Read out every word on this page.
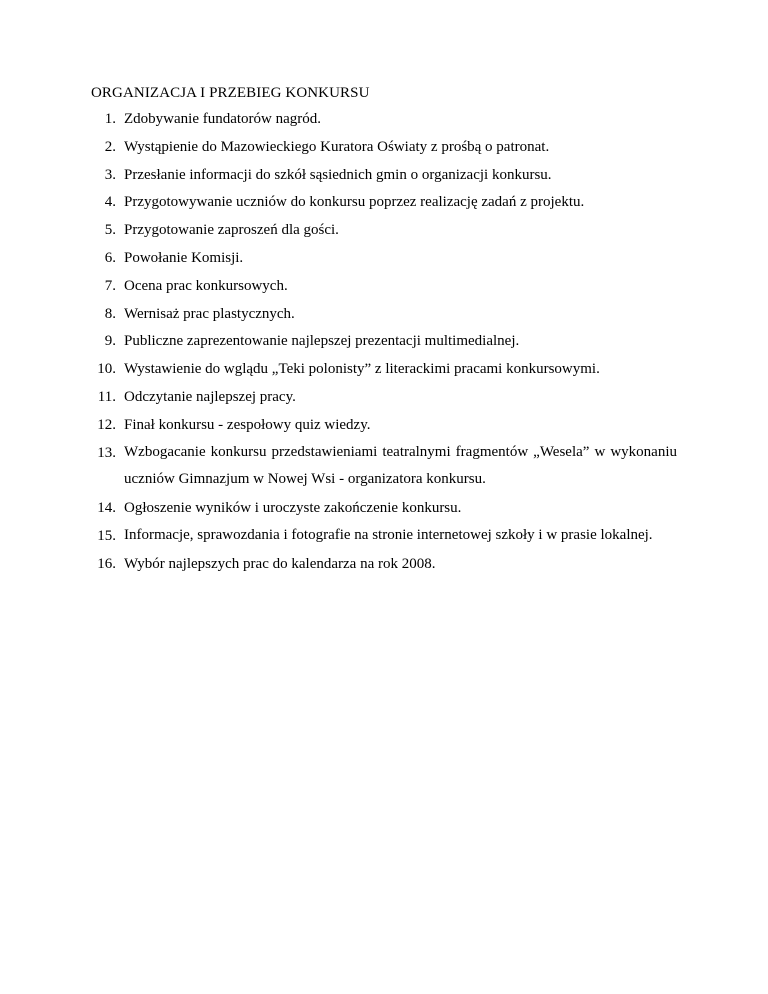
ORGANIZACJA I PRZEBIEG KONKURSU
1. Zdobywanie fundatorów nagród.
2. Wystąpienie do Mazowieckiego Kuratora Oświaty z prośbą o patronat.
3. Przesłanie informacji do szkół sąsiednich gmin o organizacji konkursu.
4. Przygotowywanie uczniów do konkursu poprzez realizację zadań z projektu.
5. Przygotowanie zaproszeń dla gości.
6. Powołanie Komisji.
7. Ocena prac konkursowych.
8. Wernisaż prac plastycznych.
9. Publiczne zaprezentowanie najlepszej prezentacji multimedialnej.
10. Wystawienie do wglądu „Teki polonisty” z literackimi pracami konkursowymi.
11. Odczytanie najlepszej pracy.
12. Finał konkursu - zespołowy quiz wiedzy.
13. Wzbogacanie konkursu przedstawieniami teatralnymi fragmentów „Wesela” w wykonaniu uczniów Gimnazjum w Nowej Wsi - organizatora konkursu.
14. Ogłoszenie wyników i uroczyste zakończenie konkursu.
15. Informacje, sprawozdania i fotografie na stronie internetowej szkoły i w prasie lokalnej.
16. Wybór najlepszych prac do kalendarza na rok 2008.
